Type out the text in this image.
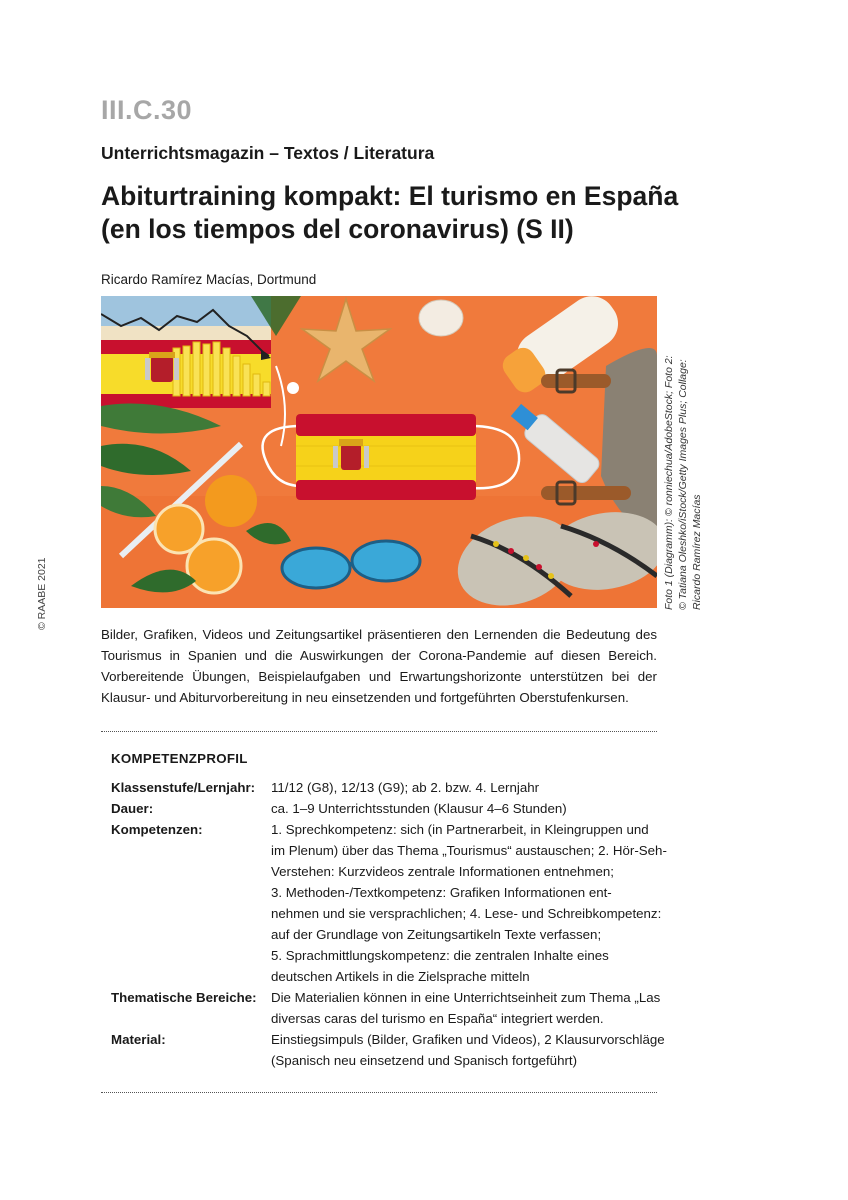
III.C.30
Unterrichtsmagazin – Textos / Literatura
Abiturtraining kompakt: El turismo en España
(en los tiempos del coronavirus) (S II)
Ricardo Ramírez Macías, Dortmund
Foto 1 (Diagramm): © ronniechua/AdobeStock; Foto 2: © Tatiana Oleshko/iStock/Getty Images Plus; Collage: Ricardo Ramírez Macías
© RAABE 2021
Bilder, Grafiken, Videos und Zeitungsartikel präsentieren den Lernenden die Bedeutung des Tourismus in Spanien und die Auswirkungen der Corona-Pandemie auf diesen Bereich. Vorbereitende Übungen, Beispielaufgaben und Erwartungshorizonte unterstützen bei der Klausur- und Abiturvorbereitung in neu einsetzenden und fortgeführten Oberstufenkursen.
KOMPETENZPROFIL
Klassenstufe/Lernjahr:	11/12 (G8), 12/13 (G9); ab 2. bzw. 4. Lernjahr
Dauer:	ca. 1–9 Unterrichtsstunden (Klausur 4–6 Stunden)
Kompetenzen:	1. Sprechkompetenz: sich (in Partnerarbeit, in Kleingruppen und
im Plenum) über das Thema „Tourismus“ austauschen; 2. Hör-Seh-
Verstehen: Kurzvideos zentrale Informationen entnehmen;
3. Methoden-/Textkompetenz: Grafiken Informationen ent-
nehmen und sie versprachlichen; 4. Lese- und Schreibkompetenz:
auf der Grundlage von Zeitungsartikeln Texte verfassen;
5. Sprachmittlungskompetenz: die zentralen Inhalte eines
deutschen Artikels in die Zielsprache mitteln
Thematische Bereiche:	Die Materialien können in eine Unterrichtseinheit zum Thema „Las
diversas caras del turismo en España“ integriert werden.
Material:	Einstiegsimpuls (Bilder, Grafiken und Videos), 2 Klausurvorschläge
(Spanisch neu einsetzend und Spanisch fortgeführt)
